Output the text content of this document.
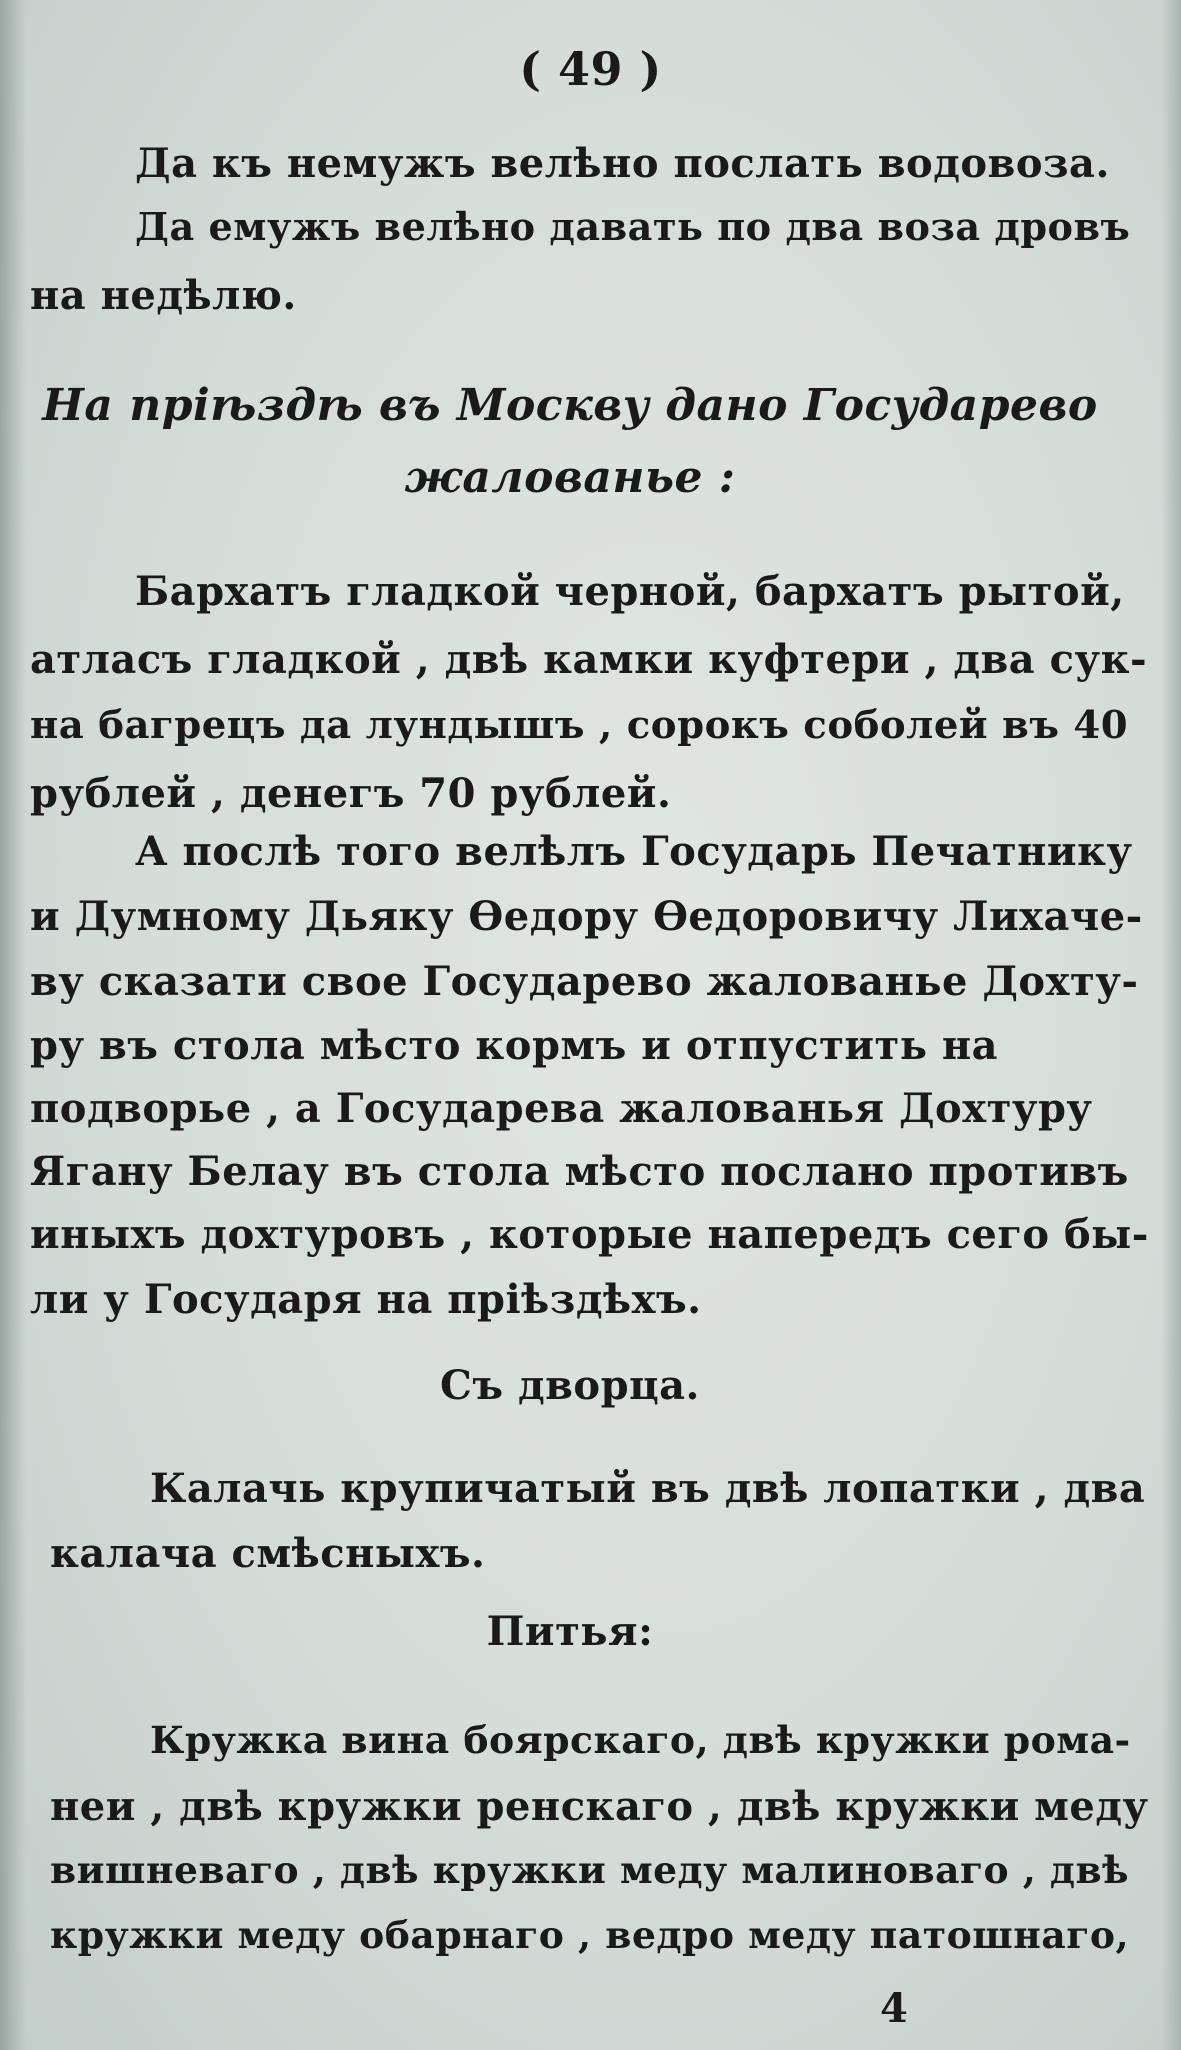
( 49 )
Да къ немужъ велѣно послать водовоза.
Да емужъ велѣно давать по два воза дровъ
на недѣлю.
На пріѣздѣ въ Москву дано Государево
жалованье :
Бархатъ гладкой черной, бархатъ рытой,
атласъ гладкой , двѣ камки куфтери , два сук-
на багрецъ да лундышъ , сорокъ соболей въ 40
рублей , денегъ 70 рублей.
А послѣ того велѣлъ Государь Печатнику
и Думному Дьяку Ѳедору Ѳедоровичу Лихаче-
ву сказати свое Государево жалованье Дохту-
ру въ стола мѣсто кормъ и отпустить на
подворье , а Государева жалованья Дохтуру
Ягану Белау въ стола мѣсто послано противъ
иныхъ дохтуровъ , которые напередъ сего бы-
ли у Государя на пріѣздѣхъ.
Съ дворца.
Калачь крупичатый въ двѣ лопатки , два
калача смѣсныхъ.
Питья:
Кружка вина боярскаго, двѣ кружки рома-
неи , двѣ кружки ренскаго , двѣ кружки меду
вишневаго , двѣ кружки меду малиноваго , двѣ
кружки меду обарнаго , ведро меду патошнаго,
4
